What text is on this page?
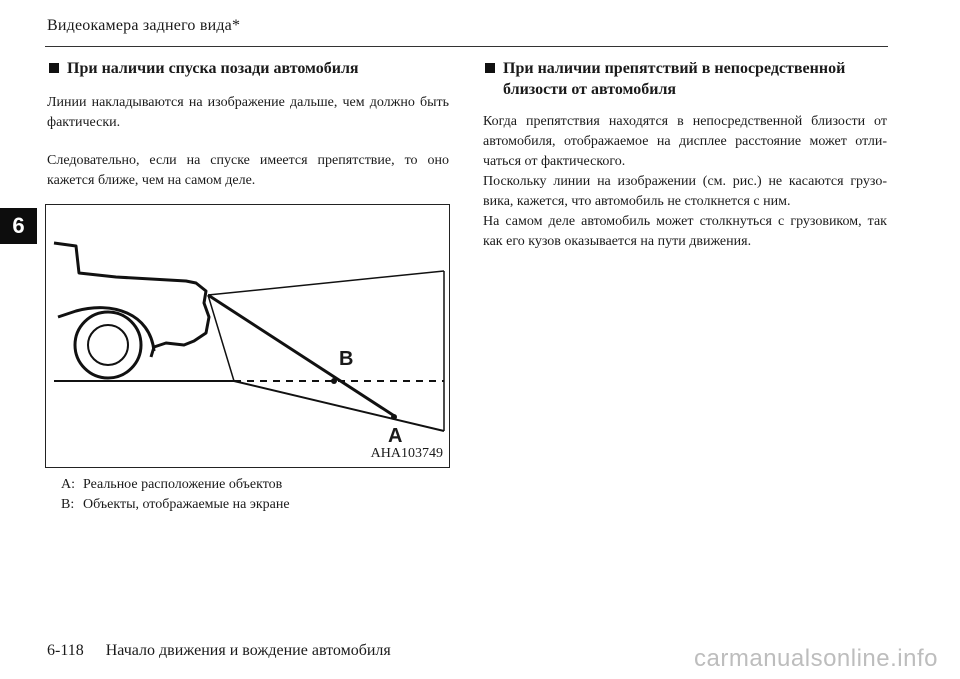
Видеокамера заднего вида*
6
При наличии спуска позади автомобиля

Линии накладываются на изображение дальше, чем должно быть фактически.

Следовательно, если на спуске имеется препятствие, то оно кажется ближе, чем на самом деле.

B
A
AHA103749
A: Реальное расположение объектов
B: Объекты, отображаемые на экране
При наличии препятствий в непосредственной близости от автомобиля

Когда препятствия находятся в непосредственной близости от автомобиля, отображаемое на дисплее расстояние может отли-чаться от фактического.

Поскольку линии на изображении (см. рис.) не касаются грузо-вика, кажется, что автомобиль не столкнется с ним.

На самом деле автомобиль может столкнуться с грузовиком, так как его кузов оказывается на пути движения.

6-118 Начало движения и вождение автомобиля	carmanualsonline.info
